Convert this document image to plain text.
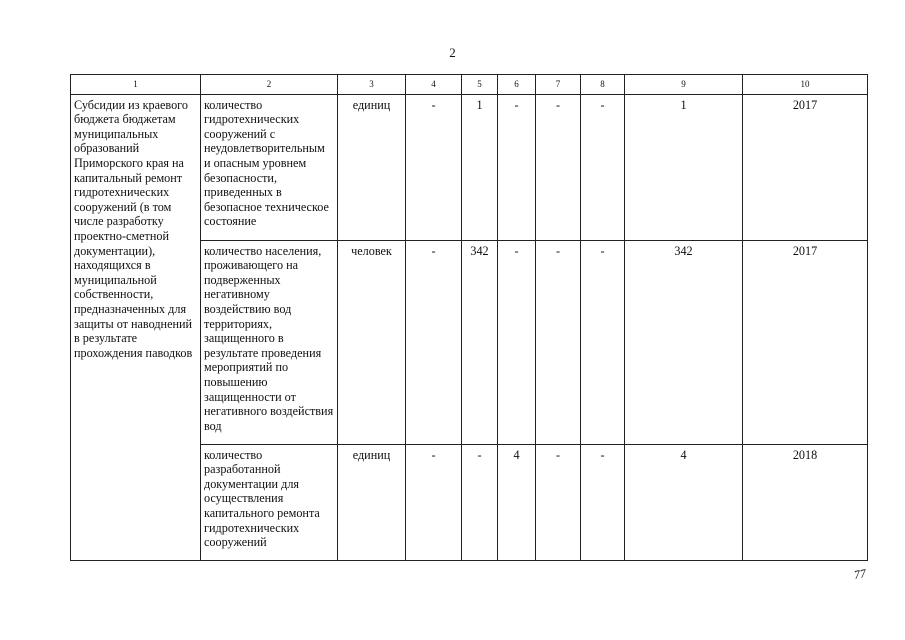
2
1	2	3	4	5	6	7	8	9	10
Субсидии из краевого бюджета бюджетам муниципальных образований Приморского края на капитальный ремонт гидротехнических сооружений (в том числе разработку проектно-сметной документации), находящихся в муниципальной собственности, предназначенных для защиты от наводнений в результате прохождения паводков	количество гидротехнических сооружений с неудовлетворительным и опасным уровнем безопасности, приведенных в безопасное техническое состояние	единиц	-	1	-	-	-	1	2017
	количество населения, проживающего на подверженных негативному воздействию вод территориях, защищенного в результате проведения мероприятий по повышению защищенности от негативного воздействия вод	человек	-	342	-	-	-	342	2017
	количество разработанной документации для осуществления капитального ремонта гидротехнических сооружений	единиц	-	-	4	-	-	4	2018
77
